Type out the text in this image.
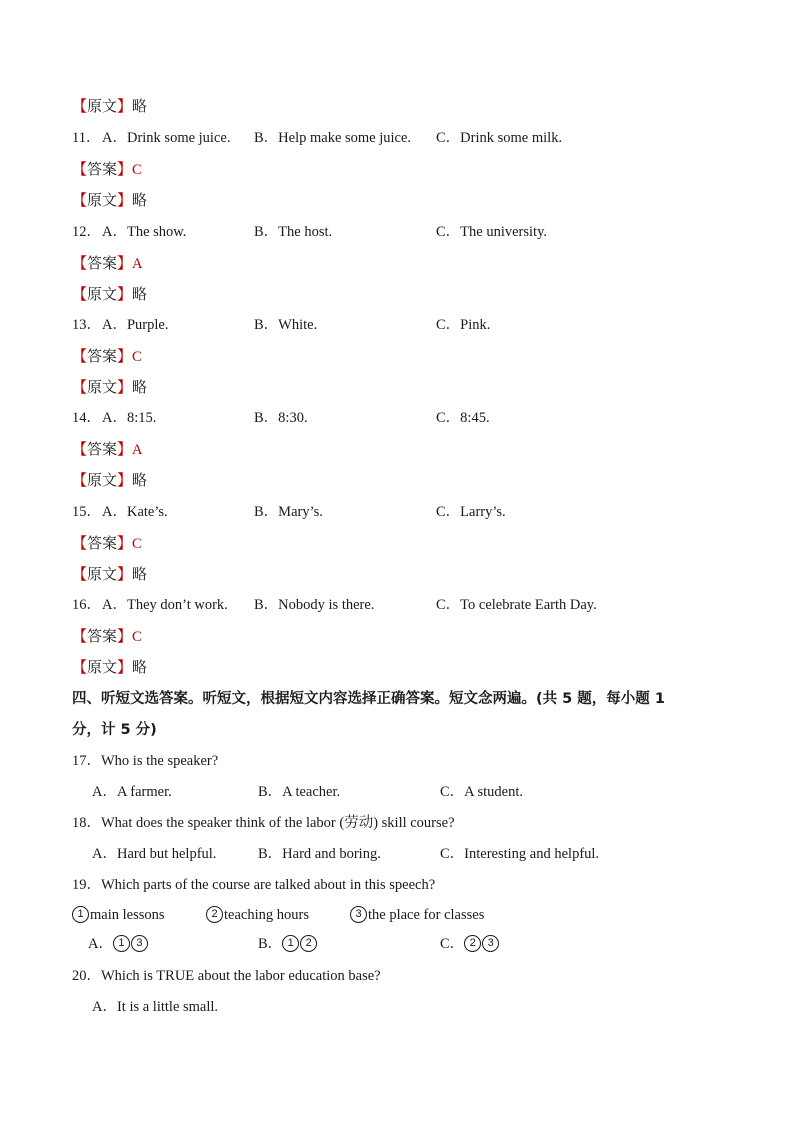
【原文】略
11． A．Drink some juice. B．Help make some juice. C．Drink some milk.
【答案】C
【原文】略
12． A．The show.	B．The host.	C．The university.
【答案】A
【原文】略
13． A．Purple.	B．White.	C．Pink.
【答案】C
【原文】略
14． A．8:15.	B．8:30.	C．8:45.
【答案】A
【原文】略
15． A．Kate’s.	B．Mary’s.	C．Larry’s.
【答案】C
【原文】略
16． A．They don’t work. B．Nobody is there.	C．To celebrate Earth Day.
【答案】C
【原文】略
四、听短文选答案。听短文，根据短文内容选择正确答案。短文念两遍。(共 5 题，每小题 1
分，计 5 分)
17．Who is the speaker?
A．A farmer.	B．A teacher.	C．A student.
18．What does the speaker think of the labor (劳动) skill course?
A．Hard but helpful.	B．Hard and boring.	C．Interesting and helpful.
19．Which parts of the course are talked about in this speech?
1 main lessons	2 teaching hours	3 the place for classes
A． 1 3	B． 1 2	C． 2 3
20．Which is TRUE about the labor education base?
A．It is a little small.
